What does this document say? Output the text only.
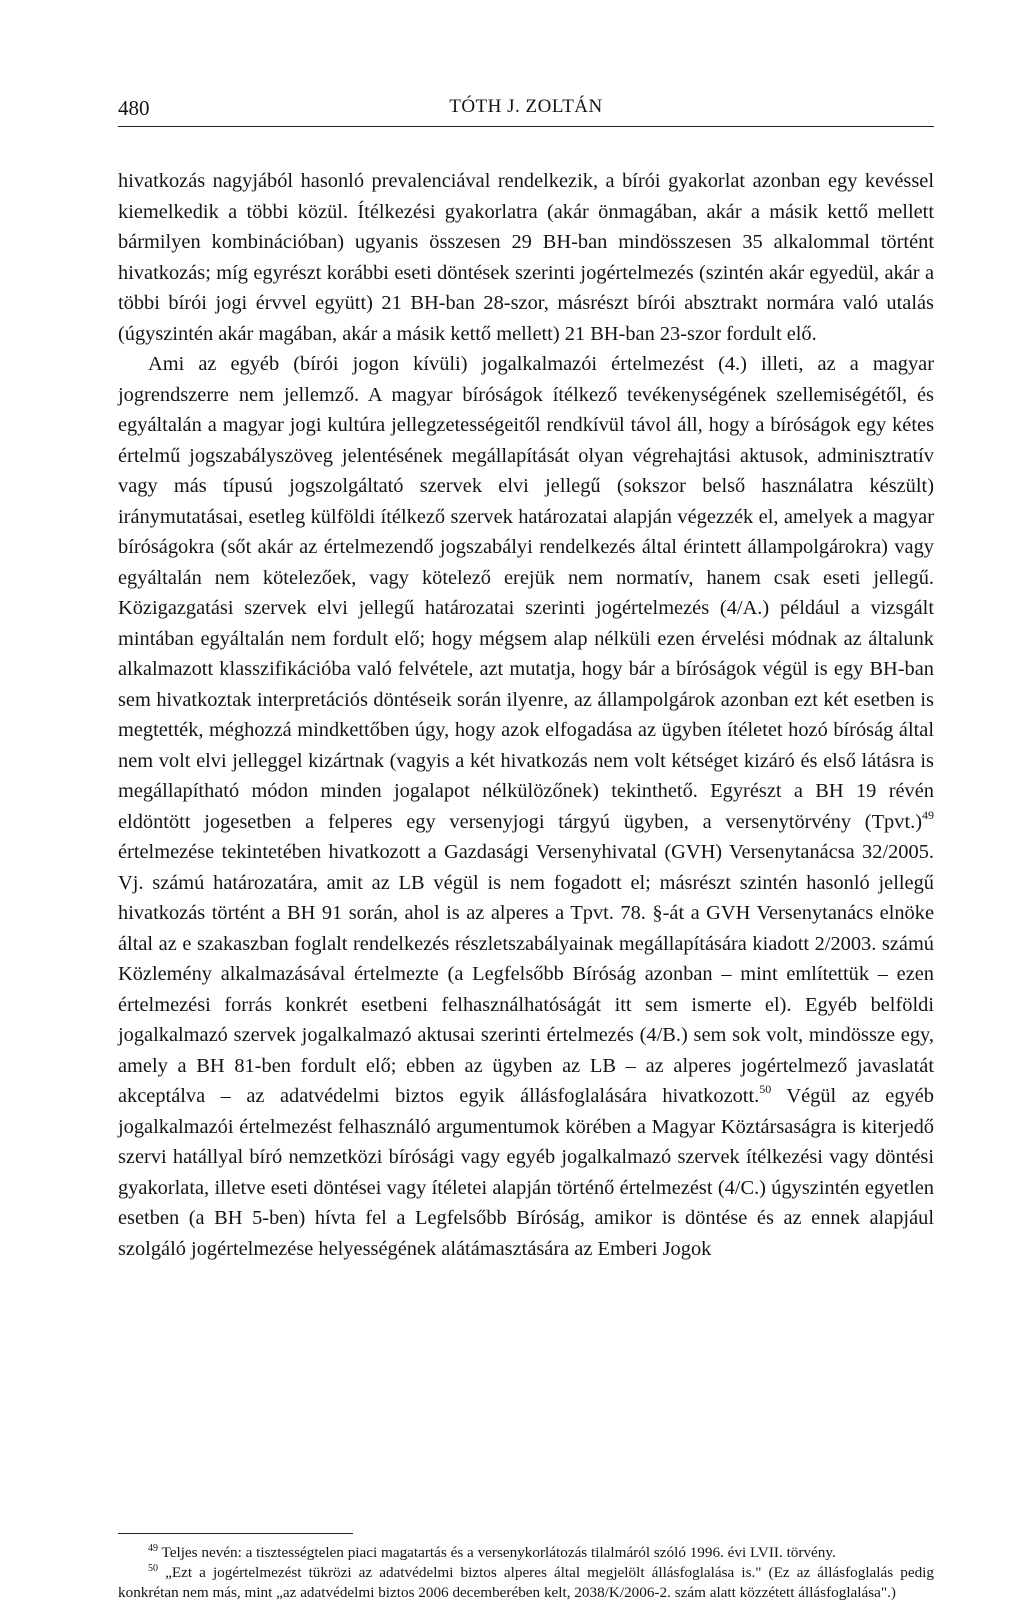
480	TÓTH J. ZOLTÁN

hivatkozás nagyjából hasonló prevalenciával rendelkezik, a bírói gyakorlat azonban egy kevéssel kiemelkedik a többi közül. Ítélkezési gyakorlatra (akár önmagában, akár a másik kettő mellett bármilyen kombinációban) ugyanis összesen 29 BH-ban mindösszesen 35 alkalommal történt hivatkozás; míg egyrészt korábbi eseti döntések szerinti jogértelmezés (szintén akár egyedül, akár a többi bírói jogi érvvel együtt) 21 BH-ban 28-szor, másrészt bírói absztrakt normára való utalás (úgyszintén akár magában, akár a másik kettő mellett) 21 BH-ban 23-szor fordult elő.

Ami az egyéb (bírói jogon kívüli) jogalkalmazói értelmezést (4.) illeti, az a magyar jogrendszerre nem jellemző. A magyar bíróságok ítélkező tevékenységének szellemiségétől, és egyáltalán a magyar jogi kultúra jellegzetességeitől rendkívül távol áll, hogy a bíróságok egy kétes értelmű jogszabályszöveg jelentésének megállapítását olyan végrehajtási aktusok, adminisztratív vagy más típusú jogszolgáltató szervek elvi jellegű (sokszor belső használatra készült) iránymutatásai, esetleg külföldi ítélkező szervek határozatai alapján végezzék el, amelyek a magyar bíróságokra (sőt akár az értelmezendő jogszabályi rendelkezés által érintett állampolgárokra) vagy egyáltalán nem kötelezőek, vagy kötelező erejük nem normatív, hanem csak eseti jellegű. Közigazgatási szervek elvi jellegű határozatai szerinti jogértelmezés (4/A.) például a vizsgált mintában egyáltalán nem fordult elő; hogy mégsem alap nélküli ezen érvelési módnak az általunk alkalmazott klasszifikációba való felvétele, azt mutatja, hogy bár a bíróságok végül is egy BH-ban sem hivatkoztak interpretációs döntéseik során ilyenre, az állampolgárok azonban ezt két esetben is megtették, méghozzá mindkettőben úgy, hogy azok elfogadása az ügyben ítéletet hozó bíróság által nem volt elvi jelleggel kizártnak (vagyis a két hivatkozás nem volt kétséget kizáró és első látásra is megállapítható módon minden jogalapot nélkülözőnek) tekinthető. Egyrészt a BH 19 révén eldöntött jogesetben a felperes egy versenyjogi tárgyú ügyben, a versenytörvény (Tpvt.)$^{49}$ értelmezése tekintetében hivatkozott a Gazdasági Versenyhivatal (GVH) Versenytanácsa 32/2005. Vj. számú határozatára, amit az LB végül is nem fogadott el; másrészt szintén hasonló jellegű hivatkozás történt a BH 91 során, ahol is az alperes a Tpvt. 78. §-át a GVH Versenytanács elnöke által az e szakaszban foglalt rendelkezés részletszabályainak megállapítására kiadott 2/2003. számú Közlemény alkalmazásával értelmezte (a Legfelsőbb Bíróság azonban – mint említettük – ezen értelmezési forrás konkrét esetbeni felhasználhatóságát itt sem ismerte el). Egyéb belföldi jogalkalmazó szervek jogalkalmazó aktusai szerinti értelmezés (4/B.) sem sok volt, mindössze egy, amely a BH 81-ben fordult elő; ebben az ügyben az LB – az alperes jogértelmező javaslatát akceptálva – az adatvédelmi biztos egyik állásfoglalására hivatkozott.$^{50}$ Végül az egyéb jogalkalmazói értelmezést felhasználó argumentumok körében a Magyar Köztársaságra is kiterjedő szervi hatállyal bíró nemzetközi bírósági vagy egyéb jogalkalmazó szervek ítélkezési vagy döntési gyakorlata, illetve eseti döntései vagy ítéletei alapján történő értelmezést (4/C.) úgyszintén egyetlen esetben (a BH 5-ben) hívta fel a Legfelsőbb Bíróság, amikor is döntése és az ennek alapjául szolgáló jogértelmezése helyességének alátámasztására az Emberi Jogok

$^{49}$ Teljes nevén: a tisztességtelen piaci magatartás és a versenykorlátozás tilalmáról szóló 1996. évi LVII. törvény.

$^{50}$ „Ezt a jogértelmezést tükrözi az adatvédelmi biztos alperes által megjelölt állásfoglalása is." (Ez az állásfoglalás pedig konkrétan nem más, mint „az adatvédelmi biztos 2006 decemberében kelt, 2038/K/2006-2. szám alatt közzétett állásfoglalása".)
